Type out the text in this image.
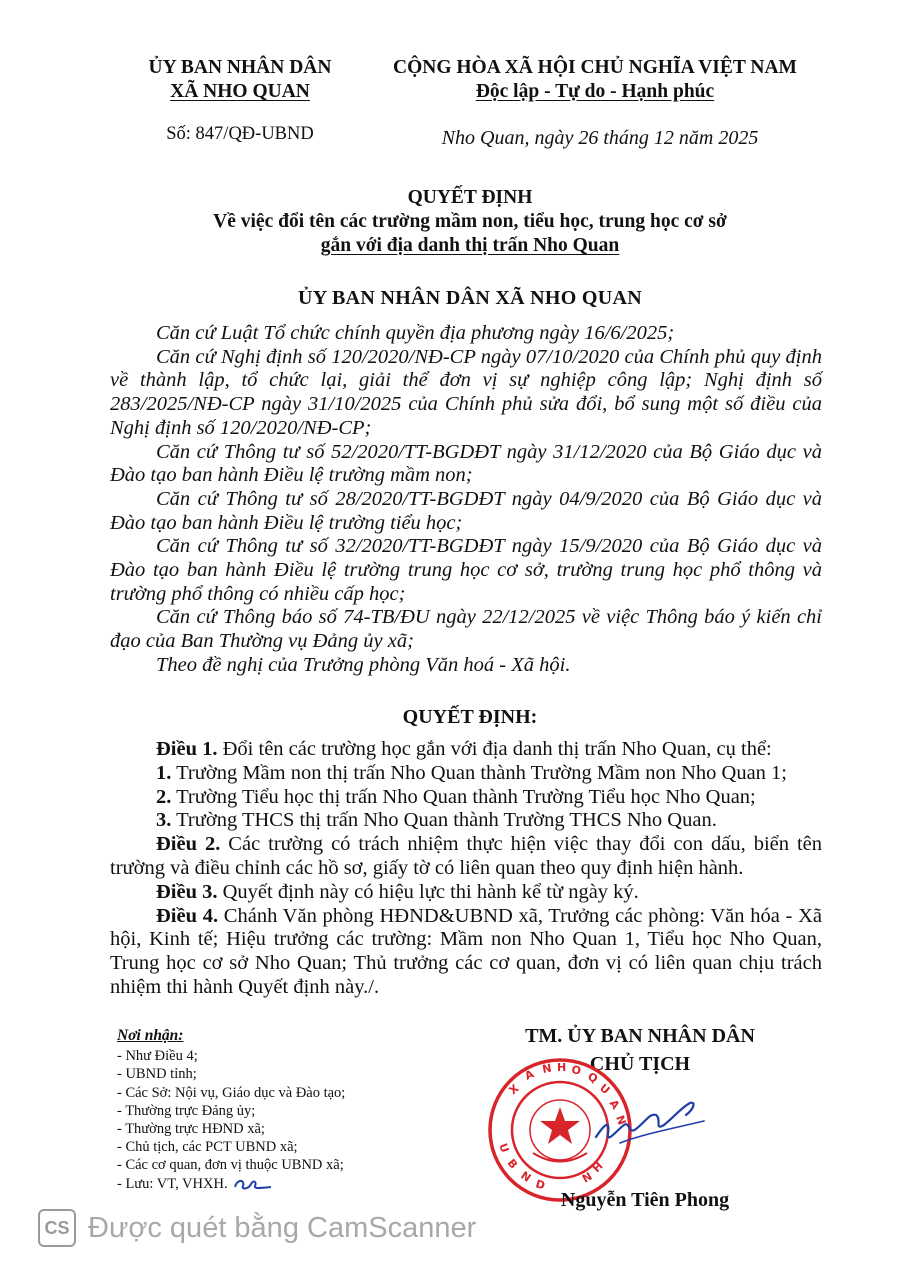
ỦY BAN NHÂN DÂN
XÃ NHO QUAN
CỘNG HÒA XÃ HỘI CHỦ NGHĨA VIỆT NAM
Độc lập - Tự do - Hạnh phúc
Số: 847/QĐ-UBND	Nho Quan, ngày 26 tháng 12 năm 2025
QUYẾT ĐỊNH
Về việc đổi tên các trường mầm non, tiểu học, trung học cơ sở
gắn với địa danh thị trấn Nho Quan
ỦY BAN NHÂN DÂN XÃ NHO QUAN

Căn cứ Luật Tổ chức chính quyền địa phương ngày 16/6/2025;

Căn cứ Nghị định số 120/2020/NĐ-CP ngày 07/10/2020 của Chính phủ quy định về thành lập, tổ chức lại, giải thể đơn vị sự nghiệp công lập; Nghị định số 283/2025/NĐ-CP ngày 31/10/2025 của Chính phủ sửa đổi, bổ sung một số điều của Nghị định số 120/2020/NĐ-CP;

Căn cứ Thông tư số 52/2020/TT-BGDĐT ngày 31/12/2020 của Bộ Giáo dục và Đào tạo ban hành Điều lệ trường mầm non;

Căn cứ Thông tư số 28/2020/TT-BGDĐT ngày 04/9/2020 của Bộ Giáo dục và Đào tạo ban hành Điều lệ trường tiểu học;

Căn cứ Thông tư số 32/2020/TT-BGDĐT ngày 15/9/2020 của Bộ Giáo dục và Đào tạo ban hành Điều lệ trường trung học cơ sở, trường trung học phổ thông và trường phổ thông có nhiều cấp học;

Căn cứ Thông báo số 74-TB/ĐU ngày 22/12/2025 về việc Thông báo ý kiến chỉ đạo của Ban Thường vụ Đảng ủy xã;

Theo đề nghị của Trưởng phòng Văn hoá - Xã hội.

QUYẾT ĐỊNH:

Điều 1. Đổi tên các trường học gắn với địa danh thị trấn Nho Quan, cụ thể:

1. Trường Mầm non thị trấn Nho Quan thành Trường Mầm non Nho Quan 1;

2. Trường Tiểu học thị trấn Nho Quan thành Trường Tiểu học Nho Quan;

3. Trường THCS thị trấn Nho Quan thành Trường THCS Nho Quan.

Điều 2. Các trường có trách nhiệm thực hiện việc thay đổi con dấu, biển tên trường và điều chỉnh các hồ sơ, giấy tờ có liên quan theo quy định hiện hành.

Điều 3. Quyết định này có hiệu lực thi hành kể từ ngày ký.

Điều 4. Chánh Văn phòng HĐND&UBND xã, Trưởng các phòng: Văn hóa - Xã hội, Kinh tế; Hiệu trưởng các trường: Mầm non Nho Quan 1, Tiểu học Nho Quan, Trung học cơ sở Nho Quan; Thủ trưởng các cơ quan, đơn vị có liên quan chịu trách nhiệm thi hành Quyết định này./.

Nơi nhận:
- Như Điều 4;
- UBND tỉnh;
- Các Sở: Nội vụ, Giáo dục và Đào tạo;
- Thường trực Đảng ủy;
- Thường trực HĐND xã;
- Chủ tịch, các PCT UBND xã;
- Các cơ quan, đơn vị thuộc UBND xã;
- Lưu: VT, VHXH.
TM. ỦY BAN NHÂN DÂN
CHỦ TỊCH
X
Ã N H O Q
U
A
N
U
B
N
D	N
H
Nguyễn Tiên Phong
CS Được quét bằng CamScanner
